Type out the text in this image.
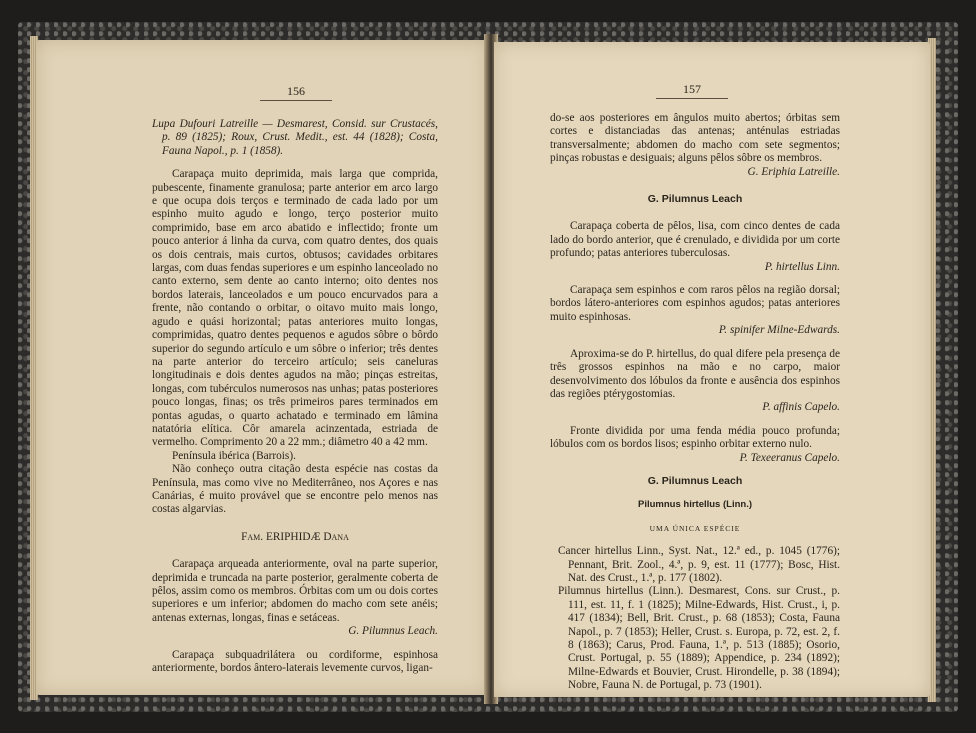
156

Lupa Dufouri Latreille — Desmarest, Consid. sur Crustacés, p. 89 (1825); Roux, Crust. Medit., est. 44 (1828); Costa, Fauna Napol., p. 1 (1858).

Carapaça muito deprimida, mais larga que comprida, pubescente, finamente granulosa; parte anterior em arco largo e que ocupa dois terços e terminado de cada lado por um espinho muito agudo e longo, terço posterior muito comprimido, base em arco abatido e inflectido; fronte um pouco anterior á linha da curva, com quatro dentes, dos quais os dois centrais, mais curtos, obtusos; cavidades orbitares largas, com duas fendas superiores e um espinho lanceolado no canto externo, sem dente ao canto interno; oito dentes nos bordos laterais, lanceolados e um pouco encurvados para a frente, não contando o orbitar, o oitavo muito mais longo, agudo e quási horizontal; patas anteriores muito longas, comprimidas, quatro dentes pequenos e agudos sôbre o bôrdo superior do segundo artículo e um sôbre o inferior; três dentes na parte anterior do terceiro artículo; seis caneluras longitudinais e dois dentes agudos na mão; pinças estreitas, longas, com tubérculos numerosos nas unhas; patas posteriores pouco longas, finas; os três primeiros pares terminados em pontas agudas, o quarto achatado e terminado em lâmina natatória elítica. Côr amarela acinzentada, estriada de vermelho. Comprimento 20 a 22 mm.; diâmetro 40 a 42 mm.

Península ibérica (Barrois).

Não conheço outra citação desta espécie nas costas da Península, mas como vive no Mediterrâneo, nos Açores e nas Canárias, é muito provável que se encontre pelo menos nas costas algarvias.

Fam. ERIPHIDÆ Dana

Carapaça arqueada anteriormente, oval na parte superior, deprimida e truncada na parte posterior, geralmente coberta de pêlos, assim como os membros. Órbitas com um ou dois cortes superiores e um inferior; abdomen do macho com sete anéis; antenas externas, longas, finas e setáceas.

G. Pilumnus Leach.

Carapaça subquadrilátera ou cordiforme, espinhosa anteriormente, bordos ântero-laterais levemente curvos, ligan-

157

do-se aos posteriores em ângulos muito abertos; órbitas sem cortes e distanciadas das antenas; anténulas estriadas transversalmente; abdomen do macho com sete segmentos; pinças robustas e desiguais; alguns pêlos sôbre os membros.

G. Eriphia Latreille.

G. Pilumnus Leach

Carapaça coberta de pêlos, lisa, com cinco dentes de cada lado do bordo anterior, que é crenulado, e dividida por um corte profundo; patas anteriores tuberculosas.

P. hirtellus Linn.

Carapaça sem espinhos e com raros pêlos na região dorsal; bordos látero-anteriores com espinhos agudos; patas anteriores muito espinhosas.

P. spinifer Milne-Edwards.

Aproxima-se do P. hirtellus, do qual difere pela presença de três grossos espinhos na mão e no carpo, maior desenvolvimento dos lóbulos da fronte e ausência dos espinhos das regiões ptérygostomias.

P. affinis Capelo.

Fronte dividida por uma fenda média pouco profunda; lóbulos com os bordos lisos; espinho orbitar externo nulo.

P. Texeeranus Capelo.

G. Pilumnus Leach

Pilumnus hirtellus (Linn.)

UMA ÚNICA ESPÉCIE

Cancer hirtellus Linn., Syst. Nat., 12.ª ed., p. 1045 (1776); Pennant, Brit. Zool., 4.ª, p. 9, est. 11 (1777); Bosc, Hist. Nat. des Crust., 1.ª, p. 177 (1802).

Pilumnus hirtellus (Linn.). Desmarest, Cons. sur Crust., p. 111, est. 11, f. 1 (1825); Milne-Edwards, Hist. Crust., i, p. 417 (1834); Bell, Brit. Crust., p. 68 (1853); Costa, Fauna Napol., p. 7 (1853); Heller, Crust. s. Europa, p. 72, est. 2, f. 8 (1863); Carus, Prod. Fauna, 1.ª, p. 513 (1885); Osorio, Crust. Portugal, p. 55 (1889); Appendice, p. 234 (1892); Milne-Edwards et Bouvier, Crust. Hirondelle, p. 38 (1894); Nobre, Fauna N. de Portugal, p. 73 (1901).
